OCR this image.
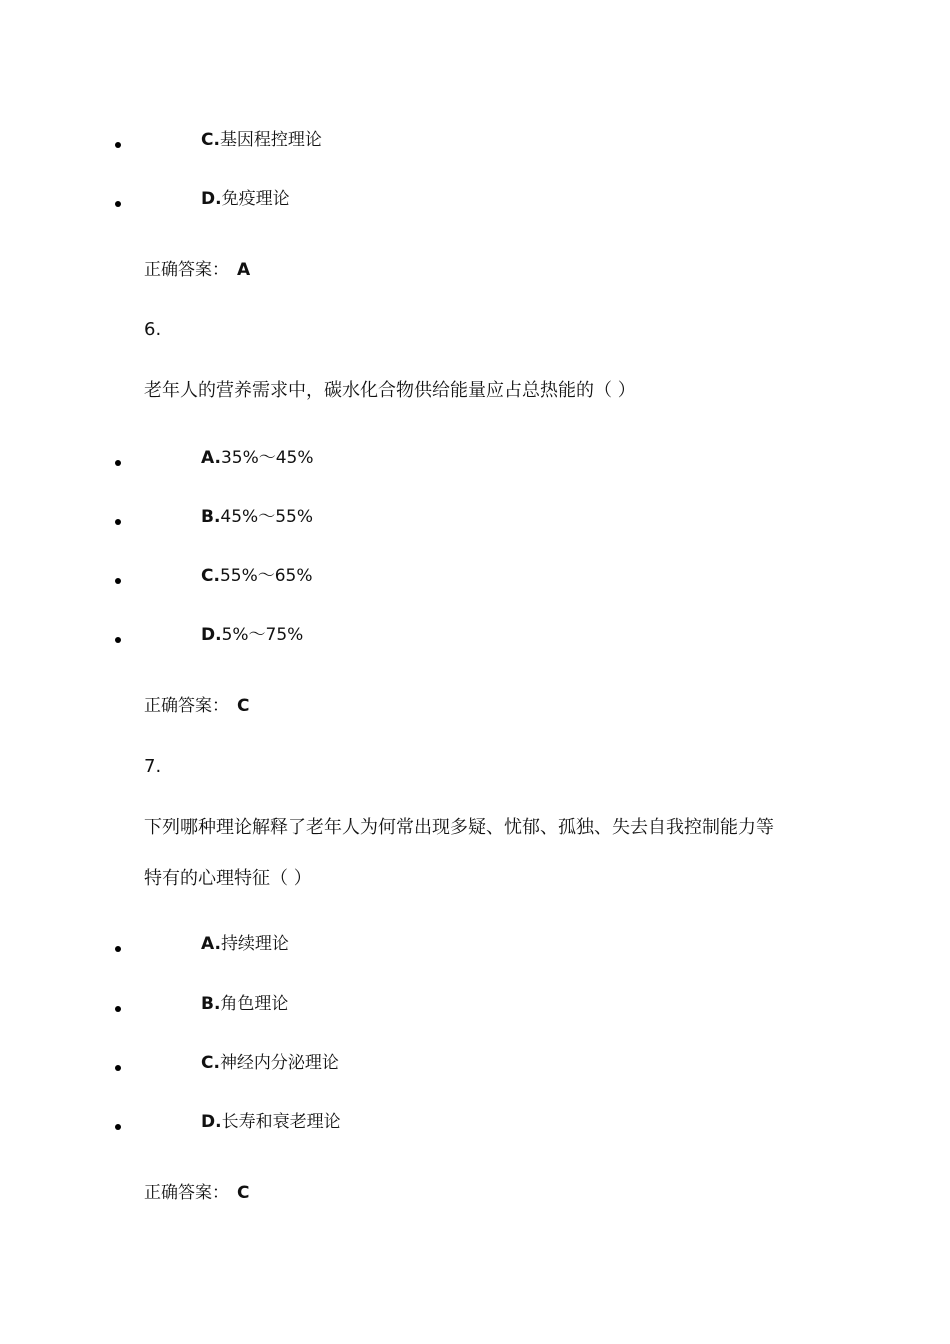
C.基因程控理论
D.免疫理论
正确答案： A
6.
老年人的营养需求中，碳水化合物供给能量应占总热能的（ ）
A.35%～45%
B.45%～55%
C.55%～65%
D.5%～75%
正确答案： C
7.
下列哪种理论解释了老年人为何常出现多疑、忧郁、孤独、失去自我控制能力等
特有的心理特征（ ）
A.持续理论
B.角色理论
C.神经内分泌理论
D.长寿和衰老理论
正确答案： C
